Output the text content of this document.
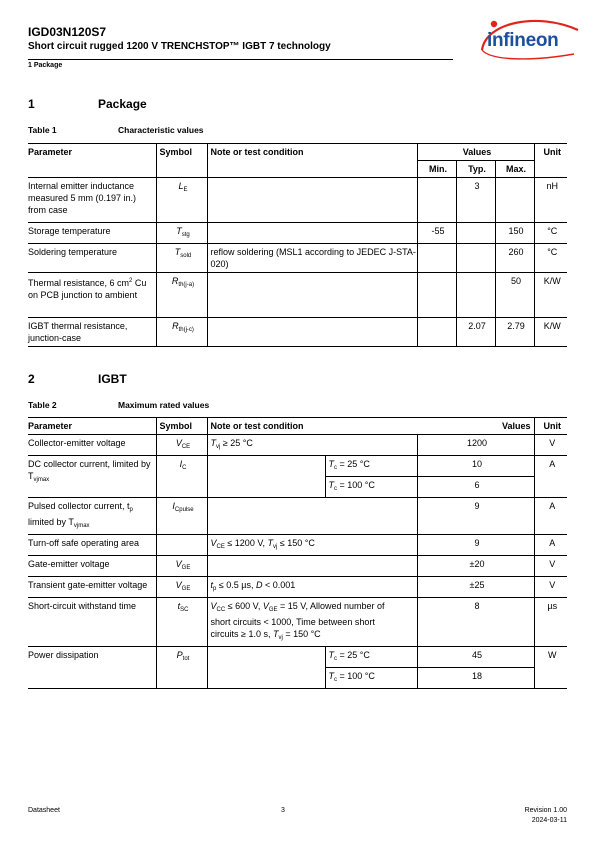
IGD03N120S7
Short circuit rugged 1200 V TRENCHSTOP™ IGBT 7 technology
1 Package
infineon
1	Package
Table 1	Characteristic values
Parameter	Symbol	Note or test condition	Values			Unit
			Min.	Typ.	Max.	
Internal emitter inductance measured 5 mm (0.197 in.) from case	$L_E$			3		nH
Storage temperature	$T_{stg}$		-55		150	°C
Soldering temperature	$T_{sold}$	reflow soldering (MSL1 according to JEDEC J-STA-020)			260	°C
Thermal resistance, 6 $cm^2$ Cu on PCB junction to ambient	$R_{th(j-a)}$				50	K/W
IGBT thermal resistance, junction-case	$R_{th(j-c)}$			2.07	2.79	K/W
2	IGBT
Table 2	Maximum rated values
Parameter	Symbol	Note or test condition		Values	Unit
Collector-emitter voltage	$V_{CE}$	$T_{vj} \ge 25$ °C		1200	V
DC collector current, limited by $T_{vjmax}$	$I_C$		$T_c = 25$ °C	10	A
			$T_c = 100$ °C	6	
Pulsed collector current, $t_p$ limited by $T_{vjmax}$	$I_{Cpulse}$			9	A
Turn-off safe operating area		$V_{CE} \le 1200$ V, $T_{vj} \le 150$ °C		9	A
Gate-emitter voltage	$V_{GE}$			±20	V
Transient gate-emitter voltage	$V_{GE}$	$t_p \le 0.5$ µs, D < 0.001		±25	V
Short-circuit withstand time	$t_{SC}$	$V_{CC} \le 600$ V, $V_{GE} = 15$ V, Allowed number of short circuits < 1000, Time between short circuits ≥ 1.0 s, $T_{vj} = 150$ °C		8	µs
Power dissipation	$P_{tot}$		$T_c = 25$ °C	45	W
			$T_c = 100$ °C	18	
Datasheet	3	Revision 1.00
2024-03-11
